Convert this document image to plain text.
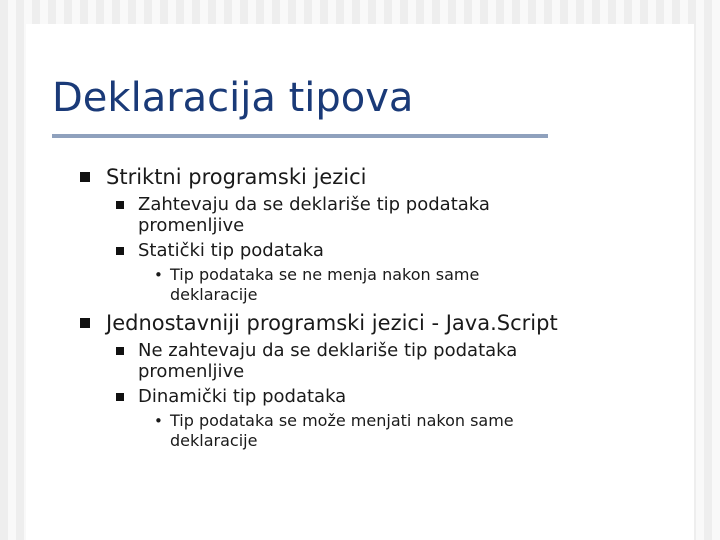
Deklaracija tipova
Striktni programski jezici
Zahtevaju da se deklariše tip podataka
promenljive
Statički tip podataka
• Tip podataka se ne menja nakon same
deklaracije
Jednostavniji programski jezici - Java.Script
Ne zahtevaju da se deklariše tip podataka
promenljive
Dinamički tip podataka
• Tip podataka se može menjati nakon same
deklaracije
